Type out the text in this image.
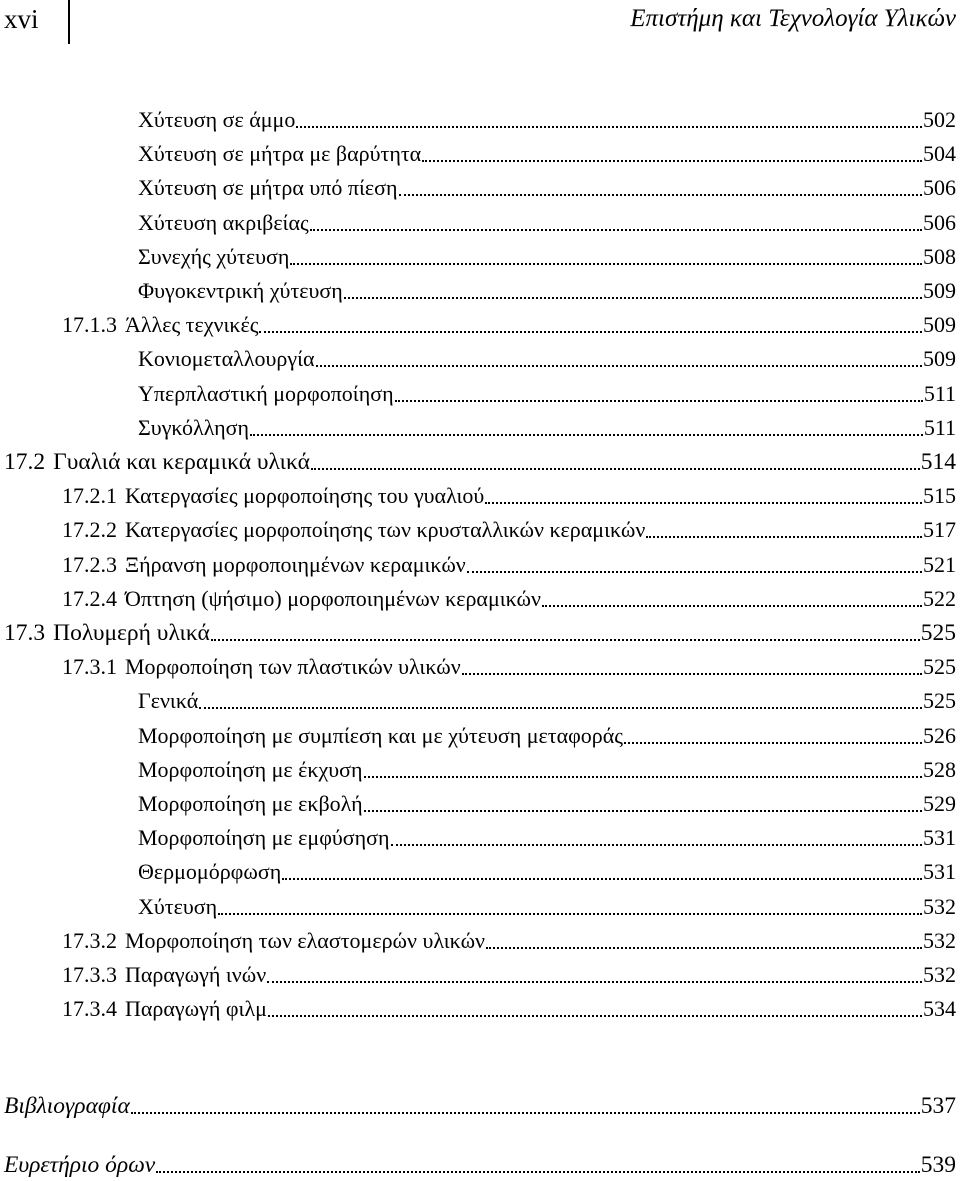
xvi	Επιστήμη και Τεχνολογία Υλικών
Χύτευση σε άμμο	502
Χύτευση σε μήτρα με βαρύτητα	504
Χύτευση σε μήτρα υπό πίεση	506
Χύτευση ακριβείας	506
Συνεχής χύτευση	508
Φυγοκεντρική χύτευση	509
17.1.3 Άλλες τεχνικές	509
Κονιομεταλλουργία	509
Υπερπλαστική μορφοποίηση	511
Συγκόλληση	511
17.2 Γυαλιά και κεραμικά υλικά	514
17.2.1 Κατεργασίες μορφοποίησης του γυαλιού	515
17.2.2 Κατεργασίες μορφοποίησης των κρυσταλλικών κεραμικών	517
17.2.3 Ξήρανση μορφοποιημένων κεραμικών	521
17.2.4 Όπτηση (ψήσιμο) μορφοποιημένων κεραμικών	522
17.3 Πολυμερή υλικά	525
17.3.1 Μορφοποίηση των πλαστικών υλικών	525
Γενικά	525
Μορφοποίηση με συμπίεση και με χύτευση μεταφοράς	526
Μορφοποίηση με έκχυση	528
Μορφοποίηση με εκβολή	529
Μορφοποίηση με εμφύσηση	531
Θερμομόρφωση	531
Χύτευση	532
17.3.2 Μορφοποίηση των ελαστομερών υλικών	532
17.3.3 Παραγωγή ινών	532
17.3.4 Παραγωγή φιλμ	534
Βιβλιογραφία	537
Ευρετήριο όρων	539
